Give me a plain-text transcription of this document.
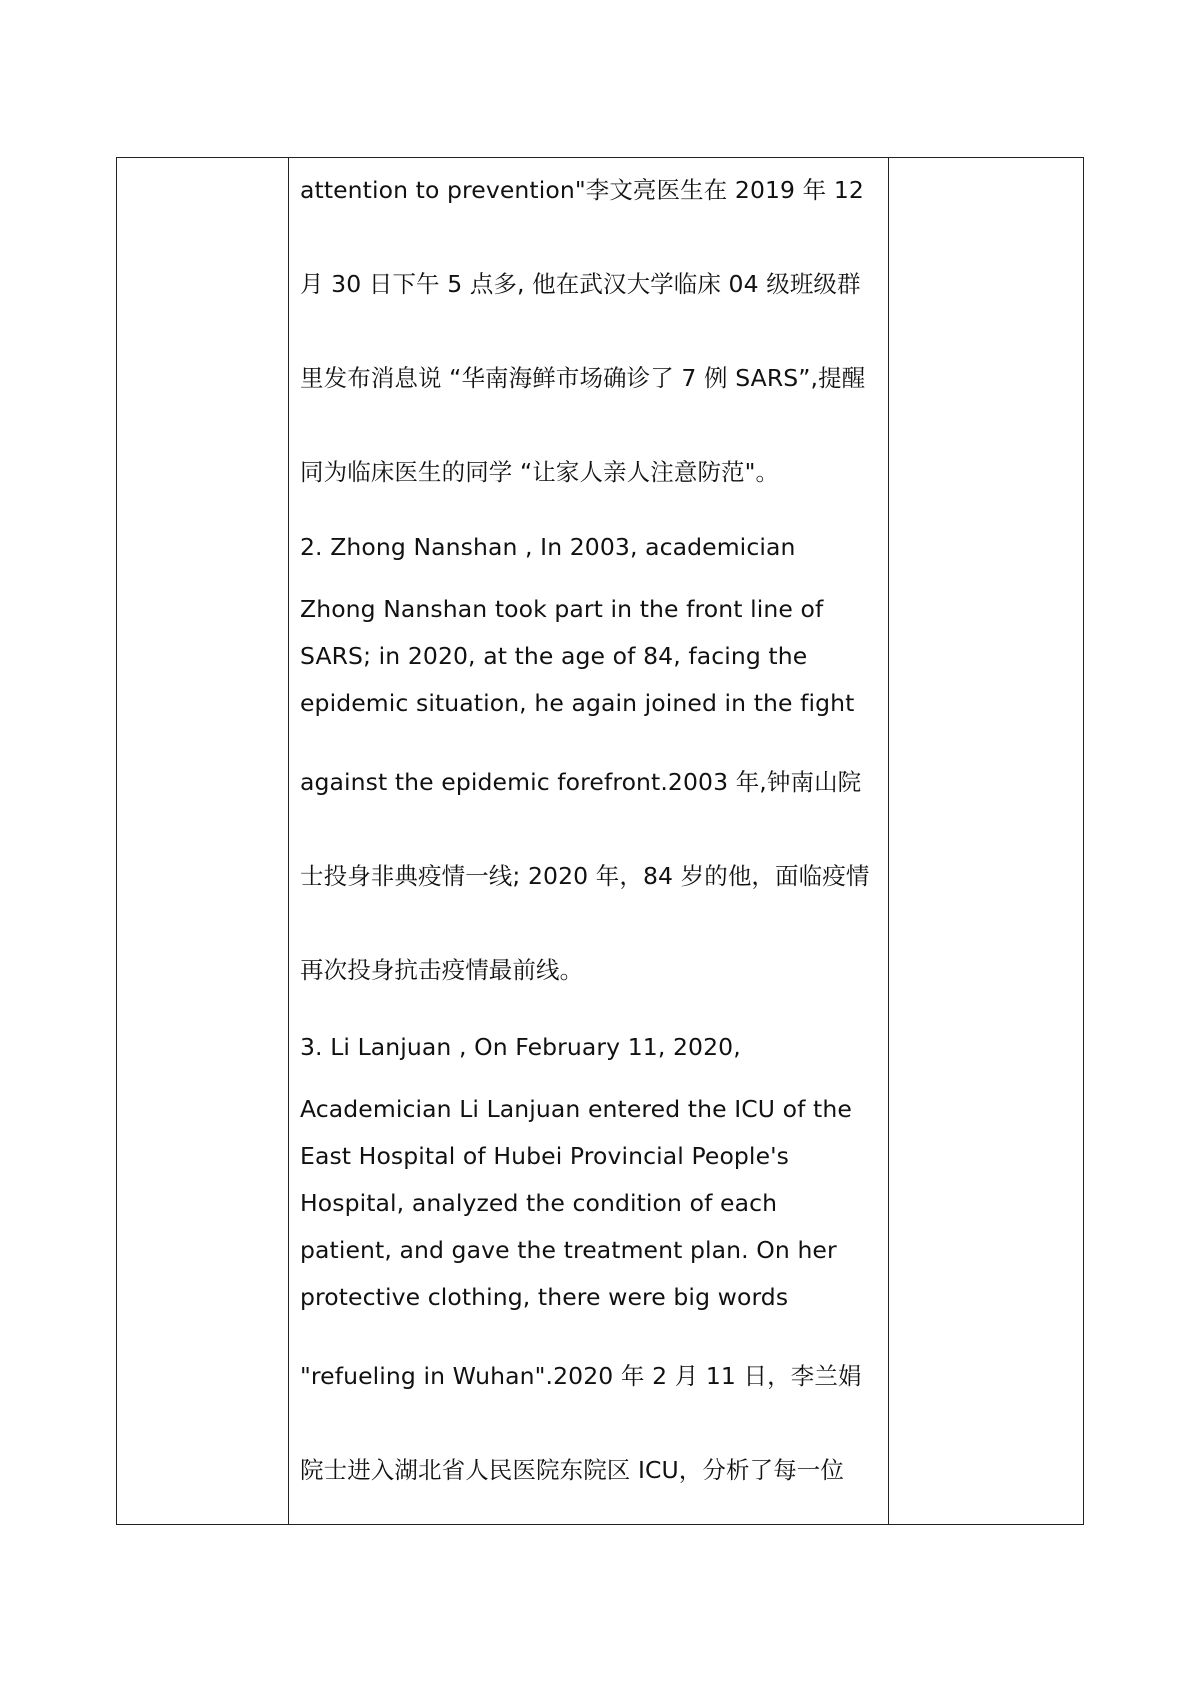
attention to prevention"李文亮医生在 2019 年 12
月 30 日下午 5 点多, 他在武汉大学临床 04 级班级群
里发布消息说 “华南海鲜市场确诊了 7 例 SARS”,提醒
同为临床医生的同学 “让家人亲人注意防范"。
2. Zhong Nanshan , In 2003, academician
Zhong Nanshan took part in the front line of
SARS; in 2020, at the age of 84, facing the
epidemic situation, he again joined in the fight
against the epidemic forefront.2003 年,钟南山院
士投身非典疫情一线; 2020 年，84 岁的他，面临疫情
再次投身抗击疫情最前线。
3. Li Lanjuan , On February 11, 2020,
Academician Li Lanjuan entered the ICU of the
East Hospital of Hubei Provincial People's
Hospital, analyzed the condition of each
patient, and gave the treatment plan. On her
protective clothing, there were big words
"refueling in Wuhan".2020 年 2 月 11 日，李兰娟
院士进入湖北省人民医院东院区 ICU，分析了每一位
